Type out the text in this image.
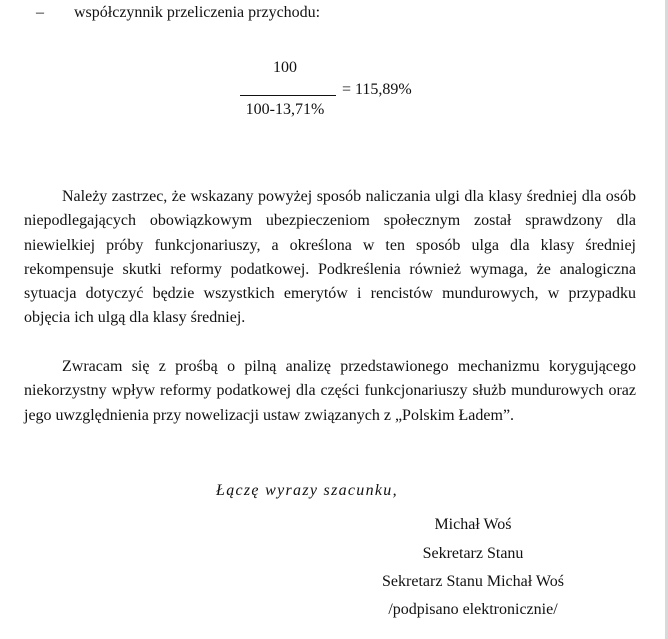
– współczynnik przeliczenia przychodu:
100
100-13,71%
= 115,89%

Należy zastrzec, że wskazany powyżej sposób naliczania ulgi dla klasy średniej dla osób niepodlegających obowiązkowym ubezpieczeniom społecznym został sprawdzony dla niewielkiej próby funkcjonariuszy, a określona w ten sposób ulga dla klasy średniej rekompensuje skutki reformy podatkowej. Podkreślenia również wymaga, że analogiczna sytuacja dotyczyć będzie wszystkich emerytów i rencistów mundurowych, w przypadku objęcia ich ulgą dla klasy średniej.

Zwracam się z prośbą o pilną analizę przedstawionego mechanizmu korygującego niekorzystny wpływ reformy podatkowej dla części funkcjonariuszy służb mundurowych oraz jego uwzględnienia przy nowelizacji ustaw związanych z „Polskim Ładem”.

Łączę wyrazy szacunku,
Michał Woś
Sekretarz Stanu
Sekretarz Stanu Michał Woś
/podpisano elektronicznie/
